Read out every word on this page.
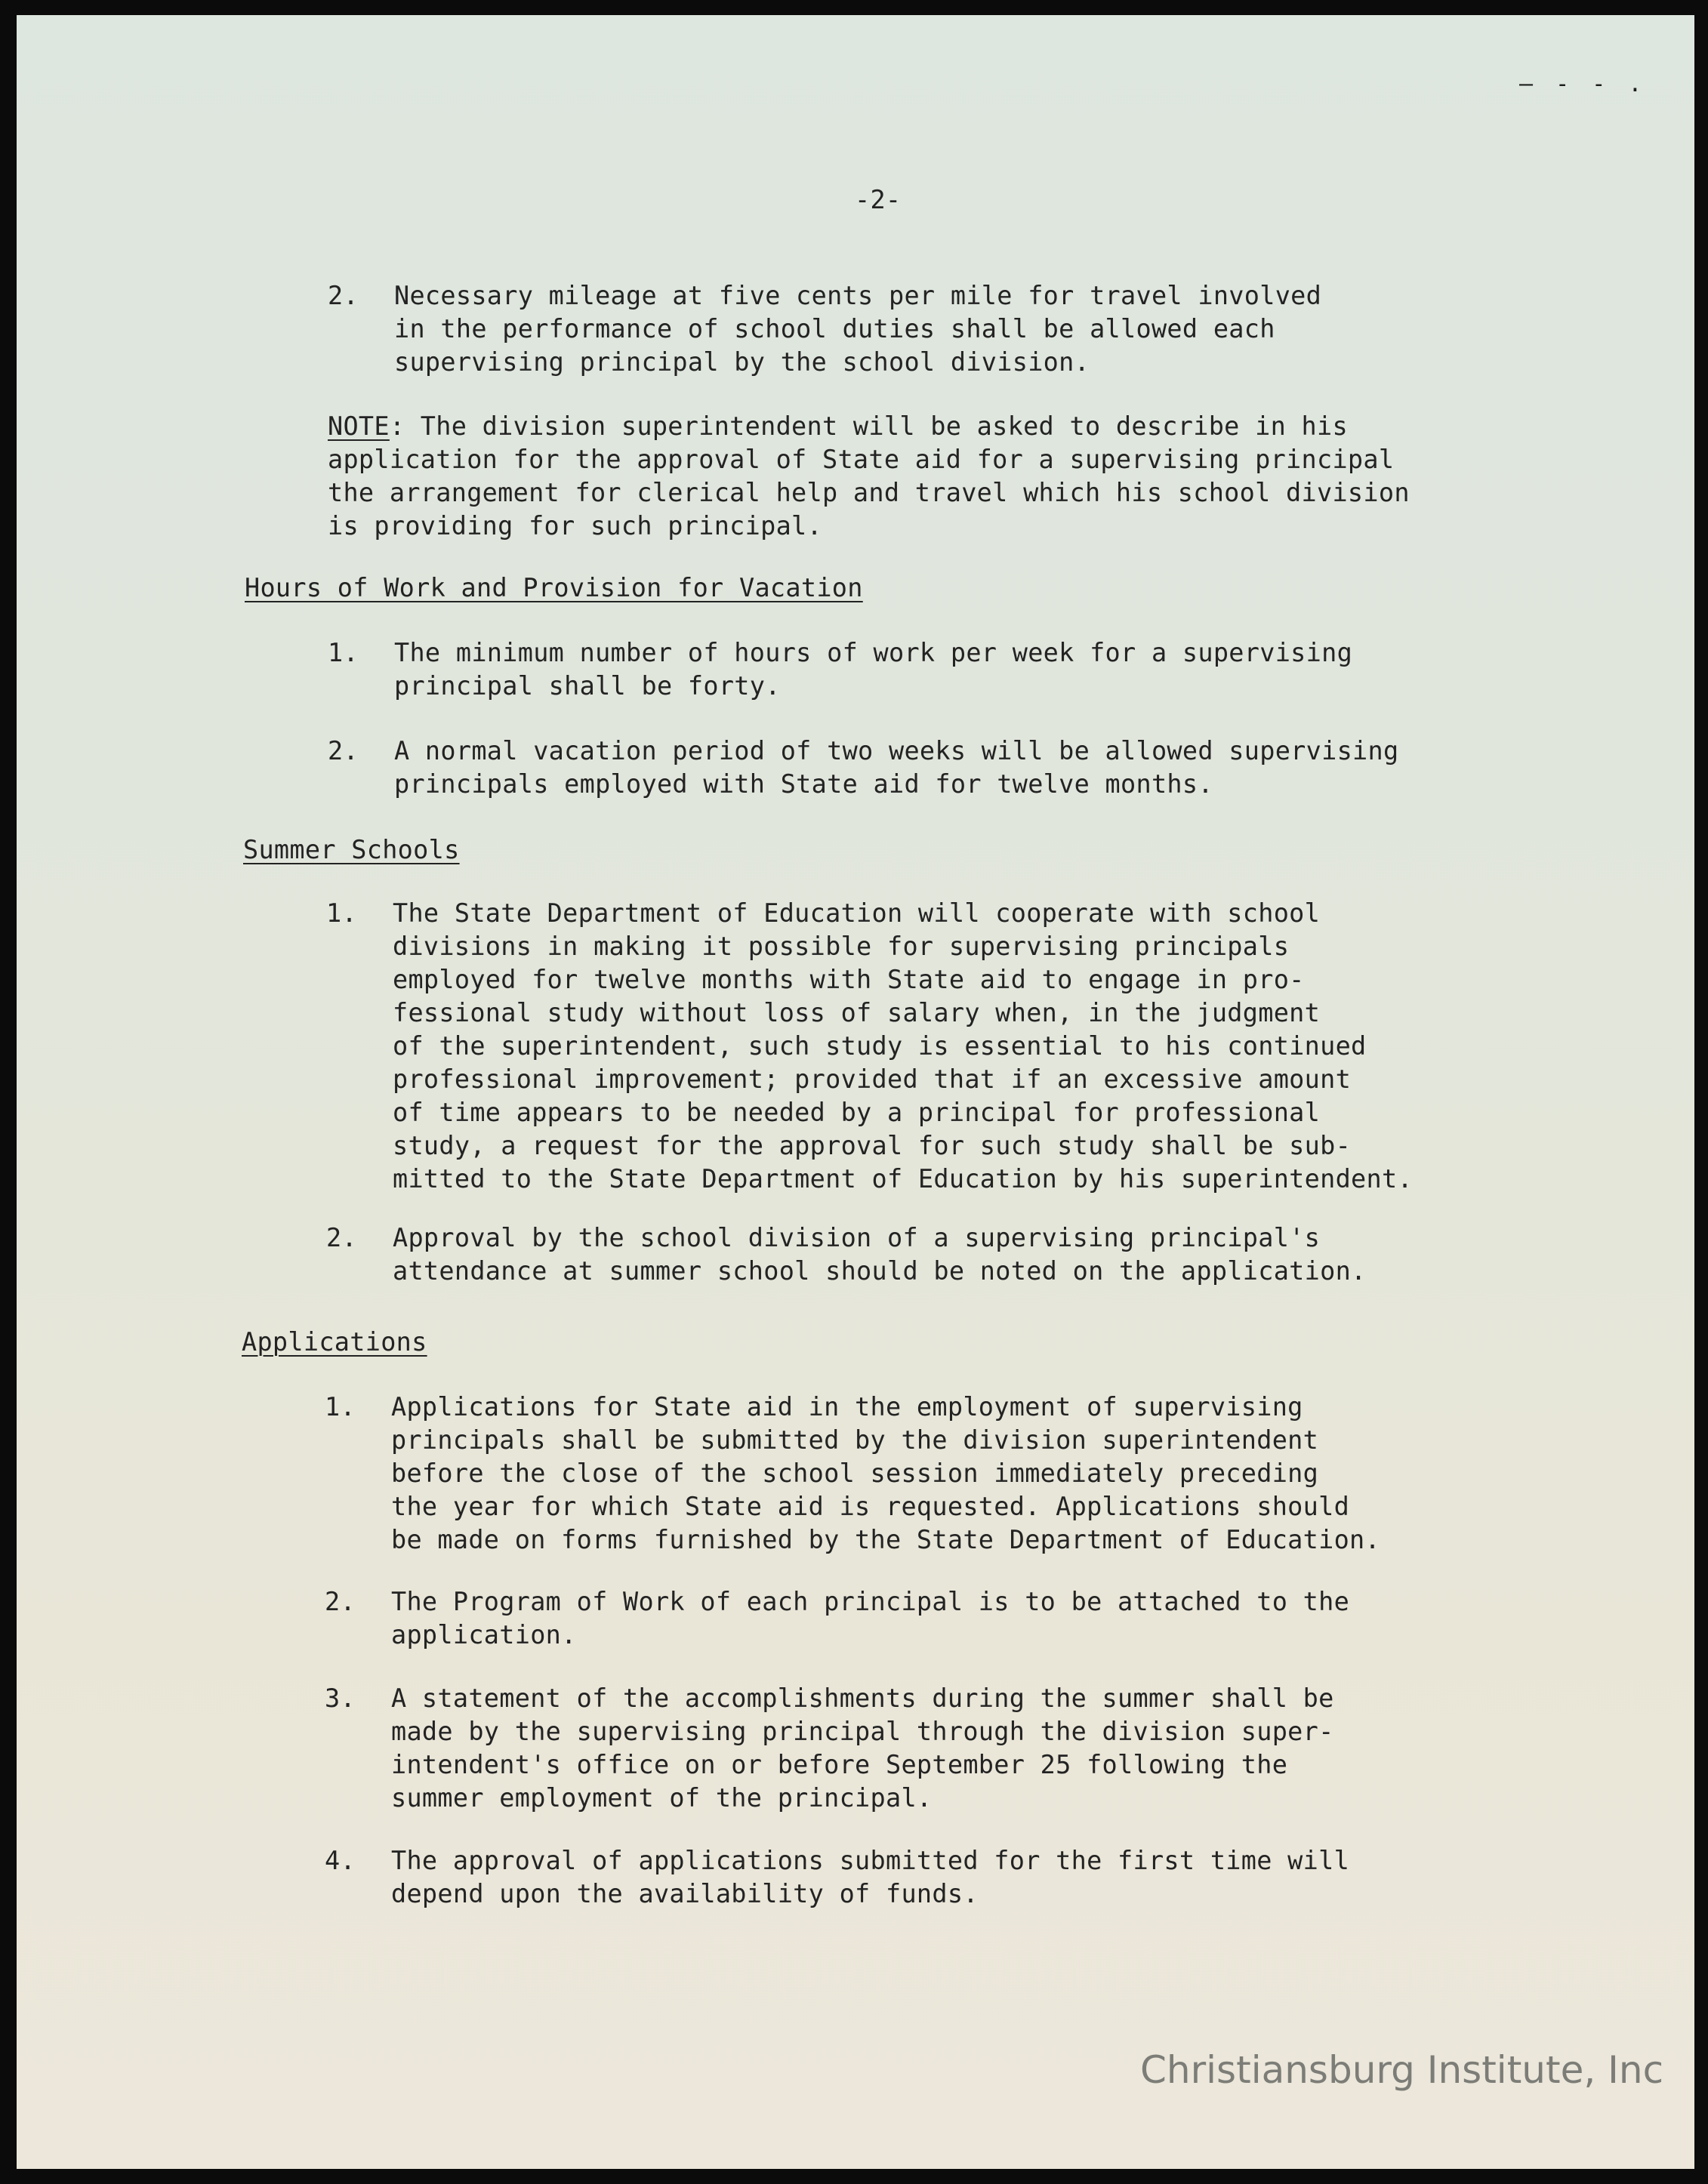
‒ - - .
-2-
2. Necessary mileage at five cents per mile for travel involved
in the performance of school duties shall be allowed each
supervising principal by the school division.
NOTE: The division superintendent will be asked to describe in his
application for the approval of State aid for a supervising principal
the arrangement for clerical help and travel which his school division
is providing for such principal.
Hours of Work and Provision for Vacation
1. The minimum number of hours of work per week for a supervising
principal shall be forty.
2. A normal vacation period of two weeks will be allowed supervising
principals employed with State aid for twelve months.
Summer Schools
1. The State Department of Education will cooperate with school
divisions in making it possible for supervising principals
employed for twelve months with State aid to engage in pro-
fessional study without loss of salary when, in the judgment
of the superintendent, such study is essential to his continued
professional improvement; provided that if an excessive amount
of time appears to be needed by a principal for professional
study, a request for the approval for such study shall be sub-
mitted to the State Department of Education by his superintendent.
2. Approval by the school division of a supervising principal's
attendance at summer school should be noted on the application.
Applications
1. Applications for State aid in the employment of supervising
principals shall be submitted by the division superintendent
before the close of the school session immediately preceding
the year for which State aid is requested. Applications should
be made on forms furnished by the State Department of Education.
2. The Program of Work of each principal is to be attached to the
application.
3. A statement of the accomplishments during the summer shall be
made by the supervising principal through the division super-
intendent's office on or before September 25 following the
summer employment of the principal.
4. The approval of applications submitted for the first time will
depend upon the availability of funds.
Christiansburg Institute, Inc
